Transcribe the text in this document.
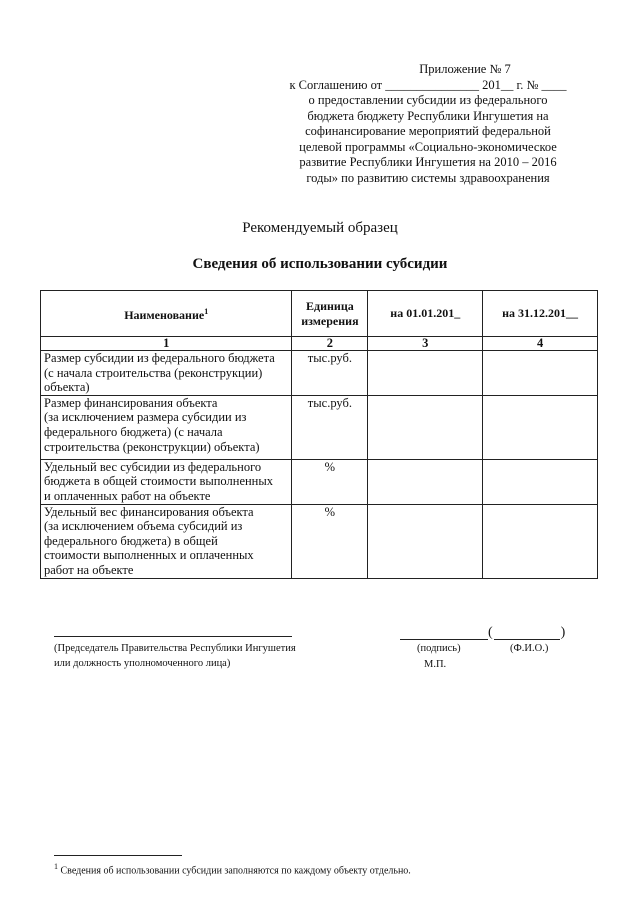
Приложение № 7
к Соглашению от _______________ 201__ г. № ____
о предоставлении субсидии из федерального
бюджета бюджету Республики Ингушетия на
софинансирование мероприятий федеральной
целевой программы «Социально-экономическое
развитие Республики Ингушетия на 2010 – 2016
годы» по развитию системы здравоохранения
Рекомендуемый образец
Сведения об использовании субсидии
Наименование$^1$	Единица измерения	на 01.01.201_	на 31.12.201__
1	2	3	4

Размер субсидии из федерального бюджета
(с начала строительства (реконструкции)
объекта)	тыс.руб.		

Размер финансирования объекта
(за исключением размера субсидии из
федерального бюджета) (с начала
строительства (реконструкции) объекта)	тыс.руб.		

Удельный вес субсидии из федерального
бюджета в общей стоимости выполненных
и оплаченных работ на объекте	%		

Удельный вес финансирования объекта
(за исключением объема субсидий из
федерального бюджета) в общей
стоимости выполненных и оплаченных
работ на объекте	%		
(Председатель Правительства Республики Ингушетия
или должность уполномоченного лица)
(	)
(подпись)	(Ф.И.О.)
М.П.
$^1$ Сведения об использовании субсидии заполняются по каждому объекту отдельно.
